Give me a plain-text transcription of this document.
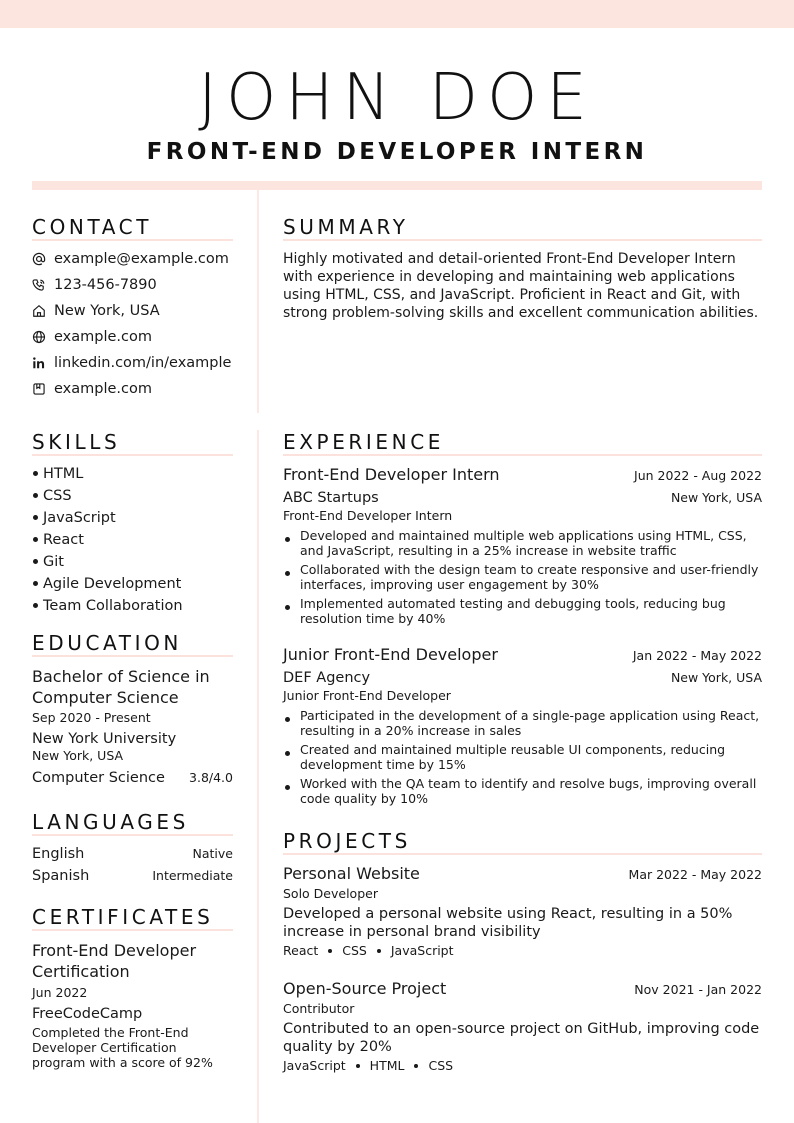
JOHN DOE
FRONT-END DEVELOPER INTERN
CONTACT
example@example.com
123-456-7890
New York, USA
example.com
linkedin.com/in/example
example.com
SUMMARY
Highly motivated and detail-oriented Front-End Developer Intern with experience in developing and maintaining web applications using HTML, CSS, and JavaScript. Proficient in React and Git, with strong problem-solving skills and excellent communication abilities.
SKILLS
HTML
CSS
JavaScript
React
Git
Agile Development
Team Collaboration
EDUCATION
Bachelor of Science in Computer Science
Sep 2020 - Present
New York University
New York, USA
Computer Science 3.8/4.0
LANGUAGES
English	Native
Spanish	Intermediate
CERTIFICATES
Front-End Developer Certification
Jun 2022
FreeCodeCamp
Completed the Front-End Developer Certification program with a score of 92%
EXPERIENCE
Front-End Developer Intern	Jun 2022 - Aug 2022
ABC Startups	New York, USA
Front-End Developer Intern
Developed and maintained multiple web applications using HTML, CSS, and JavaScript, resulting in a 25% increase in website traffic
Collaborated with the design team to create responsive and user-friendly interfaces, improving user engagement by 30%
Implemented automated testing and debugging tools, reducing bug resolution time by 40%
Junior Front-End Developer	Jan 2022 - May 2022
DEF Agency	New York, USA
Junior Front-End Developer
Participated in the development of a single-page application using React, resulting in a 20% increase in sales
Created and maintained multiple reusable UI components, reducing development time by 15%
Worked with the QA team to identify and resolve bugs, improving overall code quality by 10%
PROJECTS
Personal Website	Mar 2022 - May 2022
Solo Developer
Developed a personal website using React, resulting in a 50% increase in personal brand visibility
React CSS JavaScript
Open-Source Project	Nov 2021 - Jan 2022
Contributor
Contributed to an open-source project on GitHub, improving code quality by 20%
JavaScript HTML CSS
